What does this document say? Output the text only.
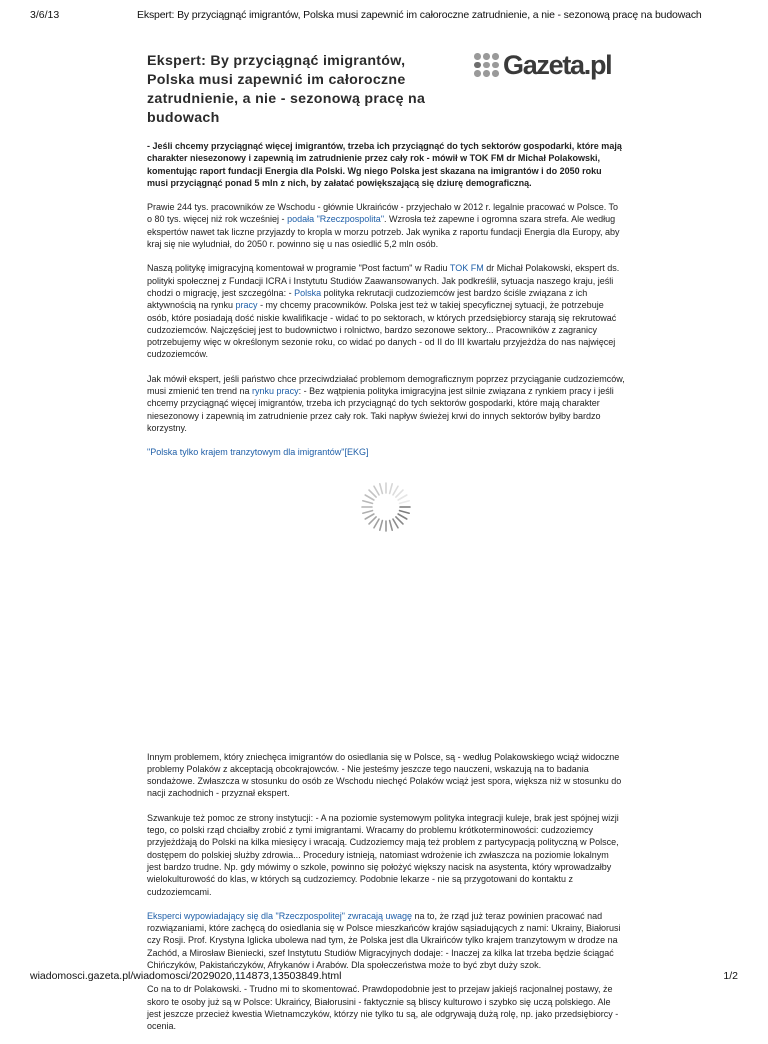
3/6/13	Ekspert: By przyciągnąć imigrantów, Polska musi zapewnić im całoroczne zatrudnienie, a nie - sezonową pracę na budowach
Ekspert: By przyciągnąć imigrantów, Polska musi zapewnić im całoroczne zatrudnienie, a nie - sezonową pracę na budowach
Gazeta.pl

- Jeśli chcemy przyciągnąć więcej imigrantów, trzeba ich przyciągnąć do tych sektorów gospodarki, które mają charakter niesezonowy i zapewnią im zatrudnienie przez cały rok - mówił w TOK FM dr Michał Polakowski, komentując raport fundacji Energia dla Polski. Wg niego Polska jest skazana na imigrantów i do 2050 roku musi przyciągnąć ponad 5 mln z nich, by załatać powiększającą się dziurę demograficzną.

Prawie 244 tys. pracowników ze Wschodu - głównie Ukraińców - przyjechało w 2012 r. legalnie pracować w Polsce. To o 80 tys. więcej niż rok wcześniej - podała "Rzeczpospolita". Wzrosła też zapewne i ogromna szara strefa. Ale według ekspertów nawet tak liczne przyjazdy to kropla w morzu potrzeb. Jak wynika z raportu fundacji Energia dla Europy, aby kraj się nie wyludniał, do 2050 r. powinno się u nas osiedlić 5,2 mln osób.

Naszą politykę imigracyjną komentował w programie "Post factum" w Radiu TOK FM dr Michał Polakowski, ekspert ds. polityki społecznej z Fundacji ICRA i Instytutu Studiów Zaawansowanych. Jak podkreślił, sytuacja naszego kraju, jeśli chodzi o migrację, jest szczególna: - Polska polityka rekrutacji cudzoziemców jest bardzo ściśle związana z ich aktywnością na rynku pracy - my chcemy pracowników. Polska jest też w takiej specyficznej sytuacji, że potrzebuje osób, które posiadają dość niskie kwalifikacje - widać to po sektorach, w których przedsiębiorcy starają się rekrutować cudzoziemców. Najczęściej jest to budownictwo i rolnictwo, bardzo sezonowe sektory... Pracowników z zagranicy potrzebujemy więc w określonym sezonie roku, co widać po danych - od II do III kwartału przyjeżdża do nas najwięcej cudzoziemców.

Jak mówił ekspert, jeśli państwo chce przeciwdziałać problemom demograficznym poprzez przyciąganie cudzoziemców, musi zmienić ten trend na rynku pracy: - Bez wątpienia polityka imigracyjna jest silnie związana z rynkiem pracy i jeśli chcemy przyciągnąć więcej imigrantów, trzeba ich przyciągnąć do tych sektorów gospodarki, które mają charakter niesezonowy i zapewnią im zatrudnienie przez cały rok. Taki napływ świeżej krwi do innych sektorów byłby bardzo korzystny.

"Polska tylko krajem tranzytowym dla imigrantów"[EKG]

Innym problemem, który zniechęca imigrantów do osiedlania się w Polsce, są - według Polakowskiego wciąż widoczne problemy Polaków z akceptacją obcokrajowców. - Nie jesteśmy jeszcze tego nauczeni, wskazują na to badania sondażowe. Zwłaszcza w stosunku do osób ze Wschodu niechęć Polaków wciąż jest spora, większa niż w stosunku do nacji zachodnich - przyznał ekspert.

Szwankuje też pomoc ze strony instytucji: - A na poziomie systemowym polityka integracji kuleje, brak jest spójnej wizji tego, co polski rząd chciałby zrobić z tymi imigrantami. Wracamy do problemu krótkoterminowości: cudzoziemcy przyjeżdżają do Polski na kilka miesięcy i wracają. Cudzoziemcy mają też problem z partycypacją polityczną w Polsce, dostępem do polskiej służby zdrowia... Procedury istnieją, natomiast wdrożenie ich zwłaszcza na poziomie lokalnym jest bardzo trudne. Np. gdy mówimy o szkole, powinno się położyć większy nacisk na asystenta, który wprowadzałby wielokulturowość do klas, w których są cudzoziemcy. Podobnie lekarze - nie są przygotowani do kontaktu z cudzoziemcami.

Eksperci wypowiadający się dla "Rzeczpospolitej" zwracają uwagę na to, że rząd już teraz powinien pracować nad rozwiązaniami, które zachęcą do osiedlania się w Polsce mieszkańców krajów sąsiadujących z nami: Ukrainy, Białorusi czy Rosji. Prof. Krystyna Iglicka ubolewa nad tym, że Polska jest dla Ukraińców tylko krajem tranzytowym w drodze na Zachód, a Mirosław Bieniecki, szef Instytutu Studiów Migracyjnych dodaje: - Inaczej za kilka lat trzeba będzie ściągać Chińczyków, Pakistańczyków, Afrykanów i Arabów. Dla społeczeństwa może to być zbyt duży szok.

Co na to dr Polakowski. - Trudno mi to skomentować. Prawdopodobnie jest to przejaw jakiejś racjonalnej postawy, że skoro te osoby już są w Polsce: Ukraińcy, Białorusini - faktycznie są bliscy kulturowo i szybko się uczą polskiego. Ale jest jeszcze przecież kwestia Wietnamczyków, którzy nie tylko tu są, ale odgrywają dużą rolę, np. jako przedsiębiorcy - ocenia.

wiadomosci.gazeta.pl/wiadomosci/2029020,114873,13503849.html	1/2
